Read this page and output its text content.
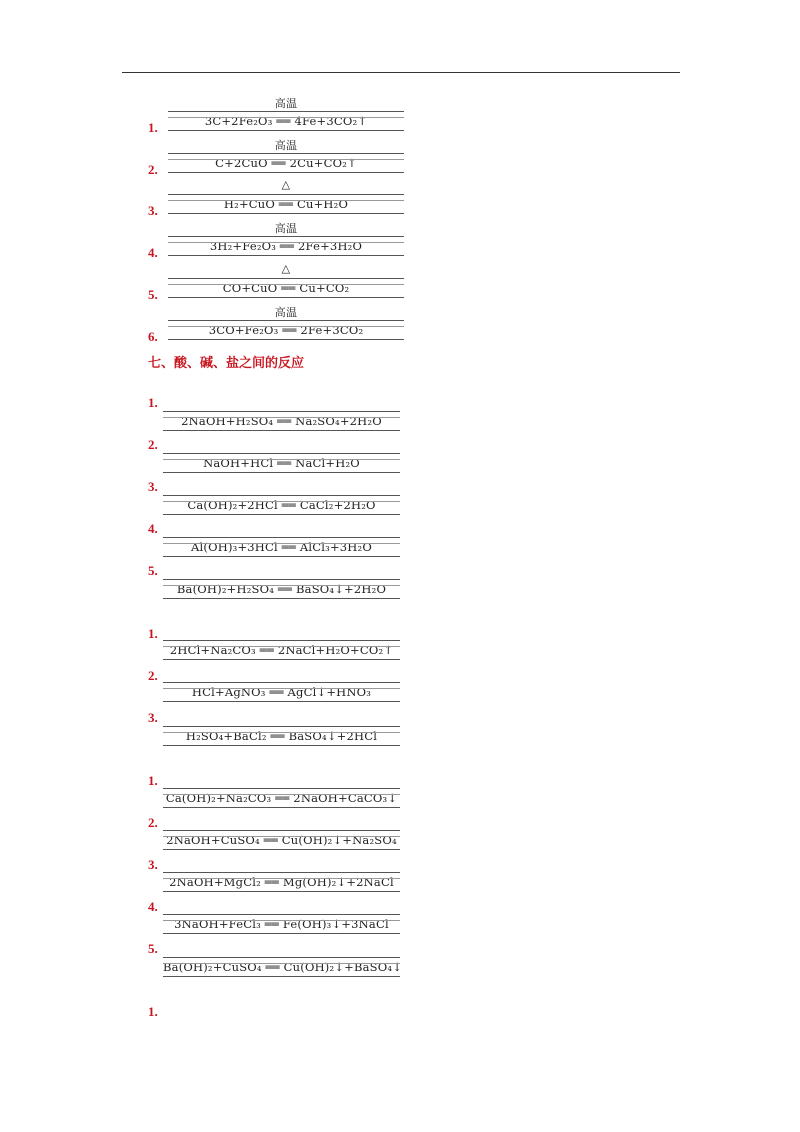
1.
高温
3C+2Fe₂O₃ ══ 4Fe+3CO₂↑
2.
高温
C+2CuO ══ 2Cu+CO₂↑
3.
△
H₂+CuO ══ Cu+H₂O
4.
高温
3H₂+Fe₂O₃ ══ 2Fe+3H₂O
5.
△
CO+CuO ══ Cu+CO₂
6.
高温
3CO+Fe₂O₃ ══ 2Fe+3CO₂
七、酸、碱、盐之间的反应
1.
2NaOH+H₂SO₄ ══ Na₂SO₄+2H₂O
2.
NaOH+HCl ══ NaCl+H₂O
3.
Ca(OH)₂+2HCl ══ CaCl₂+2H₂O
4.
Al(OH)₃+3HCl ══ AlCl₃+3H₂O
5.
Ba(OH)₂+H₂SO₄ ══ BaSO₄↓+2H₂O
1.
2HCl+Na₂CO₃ ══ 2NaCl+H₂O+CO₂↑
2.
HCl+AgNO₃ ══ AgCl↓+HNO₃
3.
H₂SO₄+BaCl₂ ══ BaSO₄↓+2HCl
1.
Ca(OH)₂+Na₂CO₃ ══ 2NaOH+CaCO₃↓
2.
2NaOH+CuSO₄ ══ Cu(OH)₂↓+Na₂SO₄
3.
2NaOH+MgCl₂ ══ Mg(OH)₂↓+2NaCl
4.
3NaOH+FeCl₃ ══ Fe(OH)₃↓+3NaCl
5.
Ba(OH)₂+CuSO₄ ══ Cu(OH)₂↓+BaSO₄↓
1.
